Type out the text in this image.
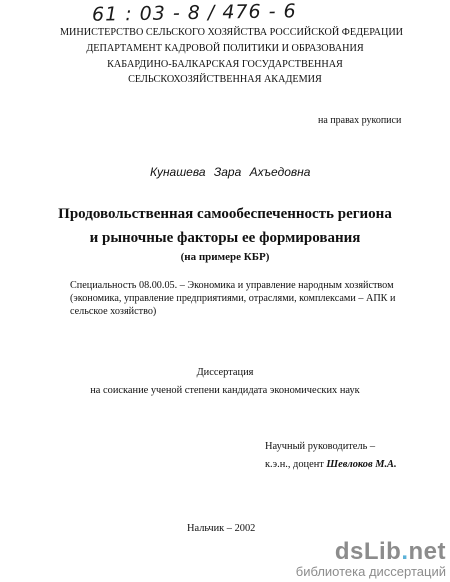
61 : 03 - 8 / 476 - 6
МИНИСТЕРСТВО СЕЛЬСКОГО ХОЗЯЙСТВА РОССИЙСКОЙ ФЕДЕРАЦИИ
ДЕПАРТАМЕНТ КАДРОВОЙ ПОЛИТИКИ И ОБРАЗОВАНИЯ
КАБАРДИНО-БАЛКАРСКАЯ ГОСУДАРСТВЕННАЯ
СЕЛЬСКОХОЗЯЙСТВЕННАЯ АКАДЕМИЯ
на правах рукописи
Кунашева Зара Ахъедовна
Продовольственная самообеспеченность региона
и рыночные факторы ее формирования
(на примере КБР)
Специальность 08.00.05. – Экономика и управление народным хозяйством
(экономика, управление предприятиями, отраслями, комплексами – АПК и
сельское хозяйство)
Диссертация
на соискание ученой степени кандидата экономических наук
Научный руководитель –
к.э.н., доцент Шевлоков М.А.
Нальчик – 2002
dsLib.net
библиотека диссертаций
